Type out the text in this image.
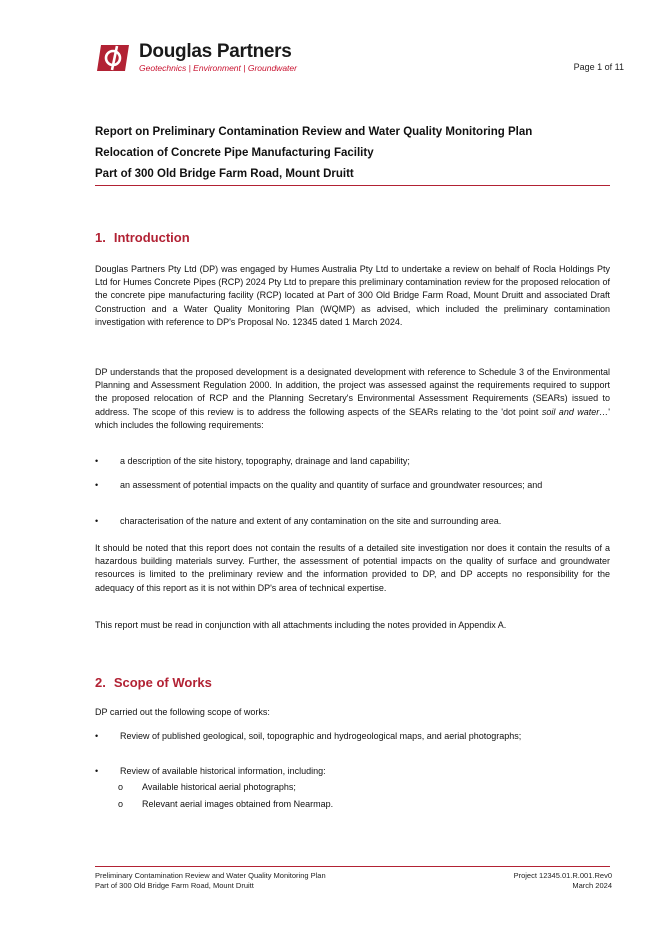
Douglas Partners
Geotechnics | Environment | Groundwater	Page 1 of 11
Report on Preliminary Contamination Review and Water Quality Monitoring Plan
Relocation of Concrete Pipe Manufacturing Facility
Part of 300 Old Bridge Farm Road, Mount Druitt
1. Introduction
Douglas Partners Pty Ltd (DP) was engaged by Humes Australia Pty Ltd to undertake a review on behalf of Rocla Holdings Pty Ltd for Humes Concrete Pipes (RCP) 2024 Pty Ltd to prepare this preliminary contamination review for the proposed relocation of the concrete pipe manufacturing facility (RCP) located at Part of 300 Old Bridge Farm Road, Mount Druitt and associated Draft Construction and a Water Quality Monitoring Plan (WQMP) as advised, which included the preliminary contamination investigation with reference to DP's Proposal No. 12345 dated 1 March 2024.
DP understands that the proposed development is a designated development with reference to Schedule 3 of the Environmental Planning and Assessment Regulation 2000. In addition, the project was assessed against the requirements required to support the proposed relocation of RCP and the Planning Secretary's Environmental Assessment Requirements (SEARs) issued to address. The scope of this review is to address the following aspects of the SEARs relating to the 'dot point soil and water…' which includes the following requirements:
•	a description of the site history, topography, drainage and land capability;
•	an assessment of potential impacts on the quality and quantity of surface and groundwater resources; and
•	characterisation of the nature and extent of any contamination on the site and surrounding area.
It should be noted that this report does not contain the results of a detailed site investigation nor does it contain the results of a hazardous building materials survey. Further, the assessment of potential impacts on the quality of surface and groundwater resources is limited to the preliminary review and the information provided to DP, and DP accepts no responsibility for the adequacy of this report as it is not within DP's area of technical expertise.
This report must be read in conjunction with all attachments including the notes provided in Appendix A.
2. Scope of Works
DP carried out the following scope of works:
•	Review of published geological, soil, topographic and hydrogeological maps, and aerial photographs;
•	Review of available historical information, including:
o	Available historical aerial photographs;
o	Relevant aerial images obtained from Nearmap.
Preliminary Contamination Review and Water Quality Monitoring Plan
Part of 300 Old Bridge Farm Road, Mount Druitt
Project 12345.01.R.001.Rev0
March 2024
